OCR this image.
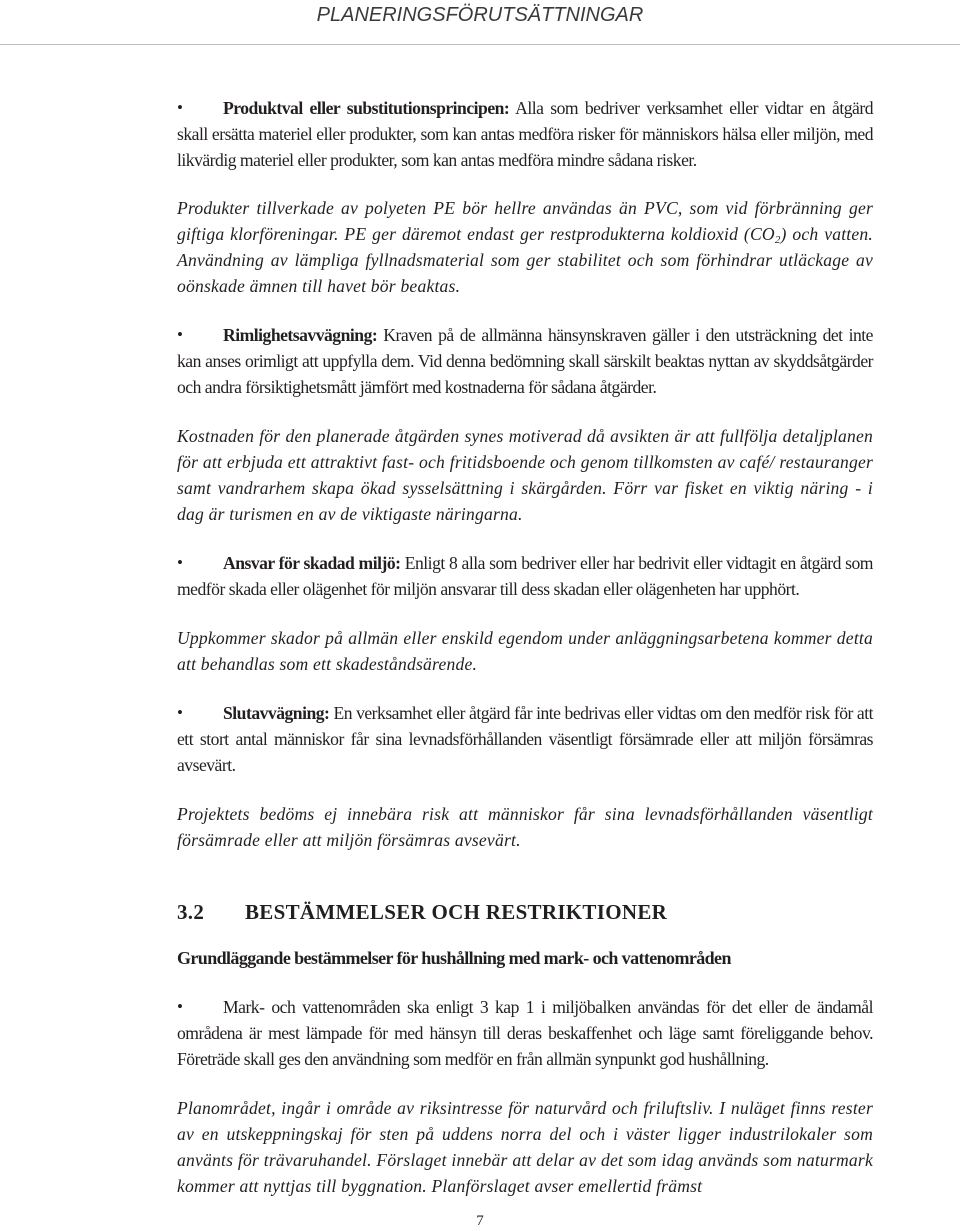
PLANERINGSFÖRUTSÄTTNINGAR

• Produktval eller substitutionsprincipen: Alla som bedriver verksamhet eller vidtar en åtgärd skall ersätta materiel eller produkter, som kan antas medföra risker för människors hälsa eller miljön, med likvärdig materiel eller produkter, som kan antas medföra mindre sådana risker.

Produkter tillverkade av polyeten PE bör hellre användas än PVC, som vid förbränning ger giftiga klorföreningar. PE ger däremot endast ger restprodukterna koldioxid $(CO_2)$ och vatten. Användning av lämpliga fyllnadsmaterial som ger stabilitet och som förhindrar utläckage av oönskade ämnen till havet bör beaktas.

• Rimlighetsavvägning: Kraven på de allmänna hänsynskraven gäller i den utsträckning det inte kan anses orimligt att uppfylla dem. Vid denna bedömning skall särskilt beaktas nyttan av skyddsåtgärder och andra försiktighetsmått jämfört med kostnaderna för sådana åtgärder.

Kostnaden för den planerade åtgärden synes motiverad då avsikten är att fullfölja detaljplanen för att erbjuda ett attraktivt fast- och fritidsboende och genom tillkomsten av café/ restauranger samt vandrarhem skapa ökad sysselsättning i skärgården. Förr var fisket en viktig näring - i dag är turismen en av de viktigaste näringarna.

• Ansvar för skadad miljö: Enligt 8 alla som bedriver eller har bedrivit eller vidtagit en åtgärd som medför skada eller olägenhet för miljön ansvarar till dess skadan eller olägenheten har upphört.

Uppkommer skador på allmän eller enskild egendom under anläggningsarbetena kommer detta att behandlas som ett skadeståndsärende.

• Slutavvägning: En verksamhet eller åtgärd får inte bedrivas eller vidtas om den medför risk för att ett stort antal människor får sina levnadsförhållanden väsentligt försämrade eller att miljön försämras avsevärt.

Projektets bedöms ej innebära risk att människor får sina levnadsförhållanden väsentligt försämrade eller att miljön försämras avsevärt.

3.2 BESTÄMMELSER OCH RESTRIKTIONER
Grundläggande bestämmelser för hushållning med mark- och vattenområden

• Mark- och vattenområden ska enligt 3 kap 1 i miljöbalken användas för det eller de ändamål områdena är mest lämpade för med hänsyn till deras beskaffenhet och läge samt föreliggande behov. Företräde skall ges den användning som medför en från allmän synpunkt god hushållning.

Planområdet, ingår i område av riksintresse för naturvård och friluftsliv. I nuläget finns rester av en utskeppningskaj för sten på uddens norra del och i väster ligger industrilokaler som använts för trävaruhandel. Förslaget innebär att delar av det som idag används som naturmark kommer att nyttjas till byggnation. Planförslaget avser emellertid främst

7
